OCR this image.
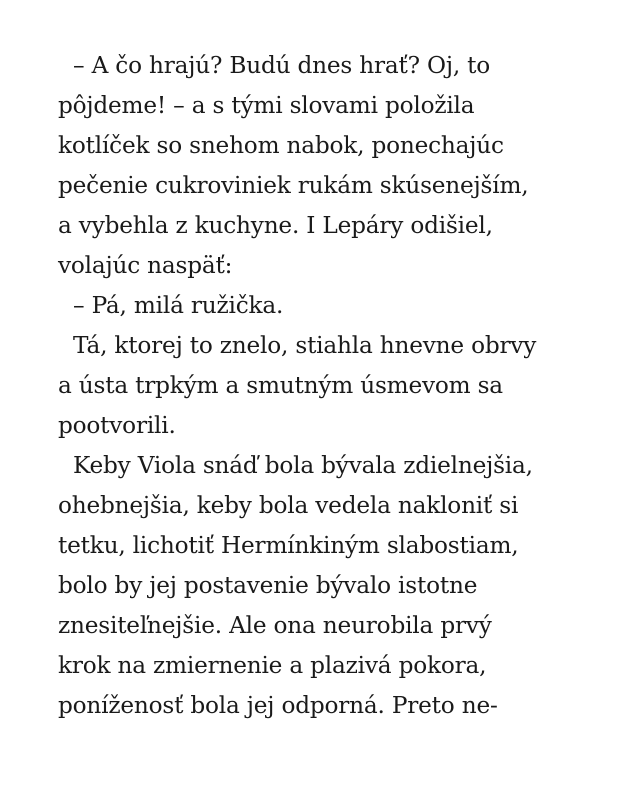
– A čo hrajú? Budú dnes hrať? Oj, to
pôjdeme! – a s tými slovami položila
kotlíček so snehom nabok, ponechajúc
pečenie cukroviniek rukám skúsenejším,
a vybehla z kuchyne. I Lepáry odišiel,
volajúc naspäť:
– Pá, milá ružička.
Tá, ktorej to znelo, stiahla hnevne obrvy
a ústa trpkým a smutným úsmevom sa
pootvorili.
Keby Viola snáď bola bývala zdielnejšia,
ohebnejšia, keby bola vedela nakloniť si
tetku, lichotiť Hermínkiným slabostiam,
bolo by jej postavenie bývalo istotne
znesiteľnejšie. Ale ona neurobila prvý
krok na zmiernenie a plazivá pokora,
poníženosť bola jej odporná. Preto ne-
